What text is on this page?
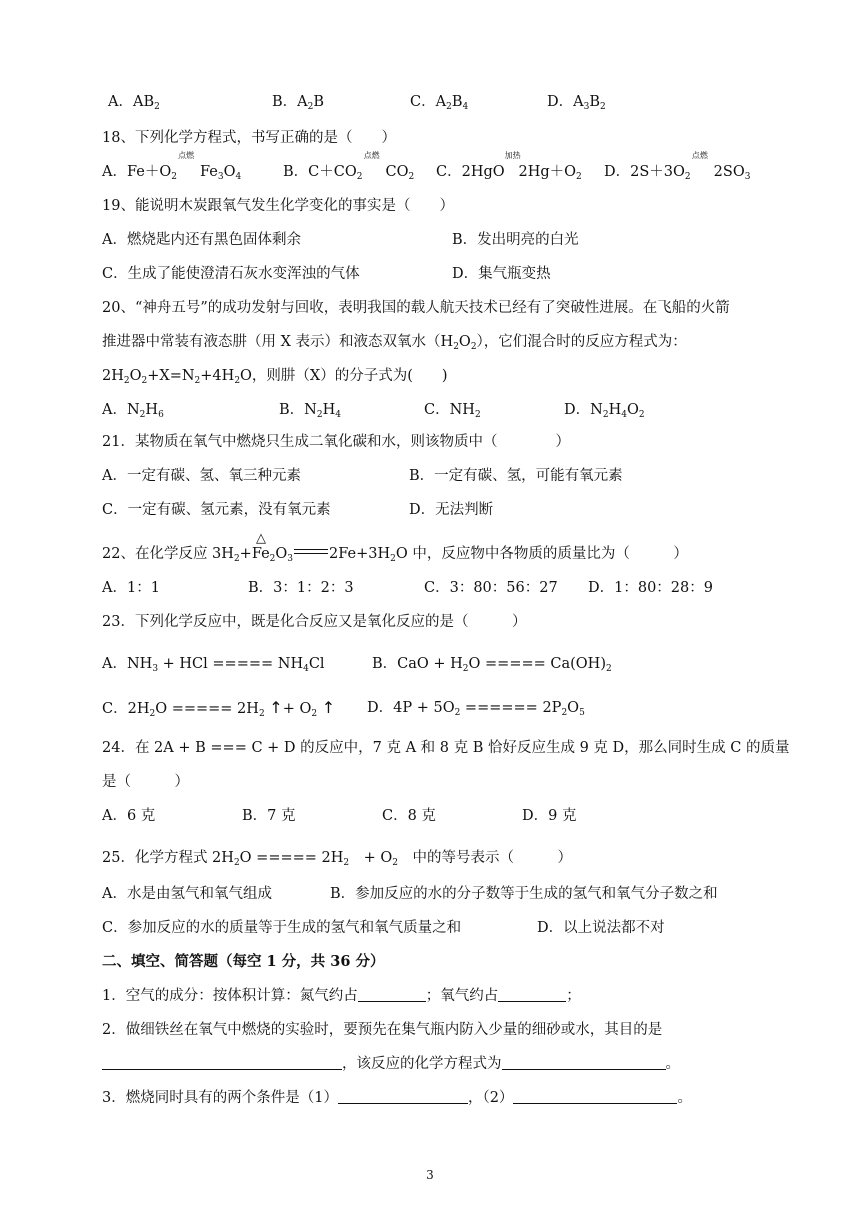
A．$AB_2$	B．$A_2B$	C．$A_2B_4$	D．$A_3B_2$
18、下列化学方程式，书写正确的是（　　）
A．$Fe+O_2$
点燃
$Fe_3O_4$	B．$C+CO_2$
点燃
$CO_2$ C．2HgO
加热
$2Hg+O_2$ D．$2S+3O_2$
点燃
$2SO_3$
19、能说明木炭跟氧气发生化学变化的事实是（　　）
A．燃烧匙内还有黑色固体剩余	B．发出明亮的白光
C．生成了能使澄清石灰水变浑浊的气体	D．集气瓶变热
20、“神舟五号”的成功发射与回收，表明我国的载人航天技术已经有了突破性进展。在飞船的火箭
推进器中常装有液态肼（用 X 表示）和液态双氧水$(H_2O_2)$，它们混合时的反应方程式为：
$2H_2O_2+X=N_2+4H_2O$，则肼（X）的分子式为(　　)
A．$N_2H_6$	B．$N_2H_4$	C．$NH_2$	D．$N_2H_4O_2$
21．某物质在氧气中燃烧只生成二氧化碳和水，则该物质中（　　　　）
A．一定有碳、氢、氧三种元素	B．一定有碳、氢，可能有氧元素
C．一定有碳、氢元素，没有氧元素	D．无法判断
△
22、在化学反应 $3H_2+Fe_2O_3$ $2Fe+3H_2O$ 中，反应物中各物质的质量比为（　　　）
A．1：1	B．3：1：2：3	C．3：80：56：27 D．1：80：28：9
23．下列化学反应中，既是化合反应又是氧化反应的是（　　　）
A．$NH_3$ + HCl ===== $NH_4Cl$	B．CaO + $H_2O$ ===== $Ca(OH)_2$
C．$2H_2O$ ===== $2H_2$ ↑+ $O_2$ ↑ D．$4P + 5O_2$ ====== $2P_2O_5$
24．在 2A + B === C + D 的反应中，7 克 A 和 8 克 B 恰好反应生成 9 克 D，那么同时生成 C 的质量
是（　　　）
A．6 克	B．7 克	C．8 克	D．9 克
25．化学方程式 $2H_2O$ ===== $2H_2$　+ $O_2$　中的等号表示（　　　）
A．水是由氢气和氧气组成	B．参加反应的水的分子数等于生成的氢气和氧气分子数之和
C．参加反应的水的质量等于生成的氢气和氧气质量之和	D．以上说法都不对
二、填空、简答题（每空 1 分，共 36 分）
1．空气的成分：按体积计算：氮气约占	；氧气约占	；
2．做细铁丝在氧气中燃烧的实验时，要预先在集气瓶内防入少量的细砂或水，其目的是
，该反应的化学方程式为	。
3．燃烧同时具有的两个条件是（1）	，（2）	。
3
